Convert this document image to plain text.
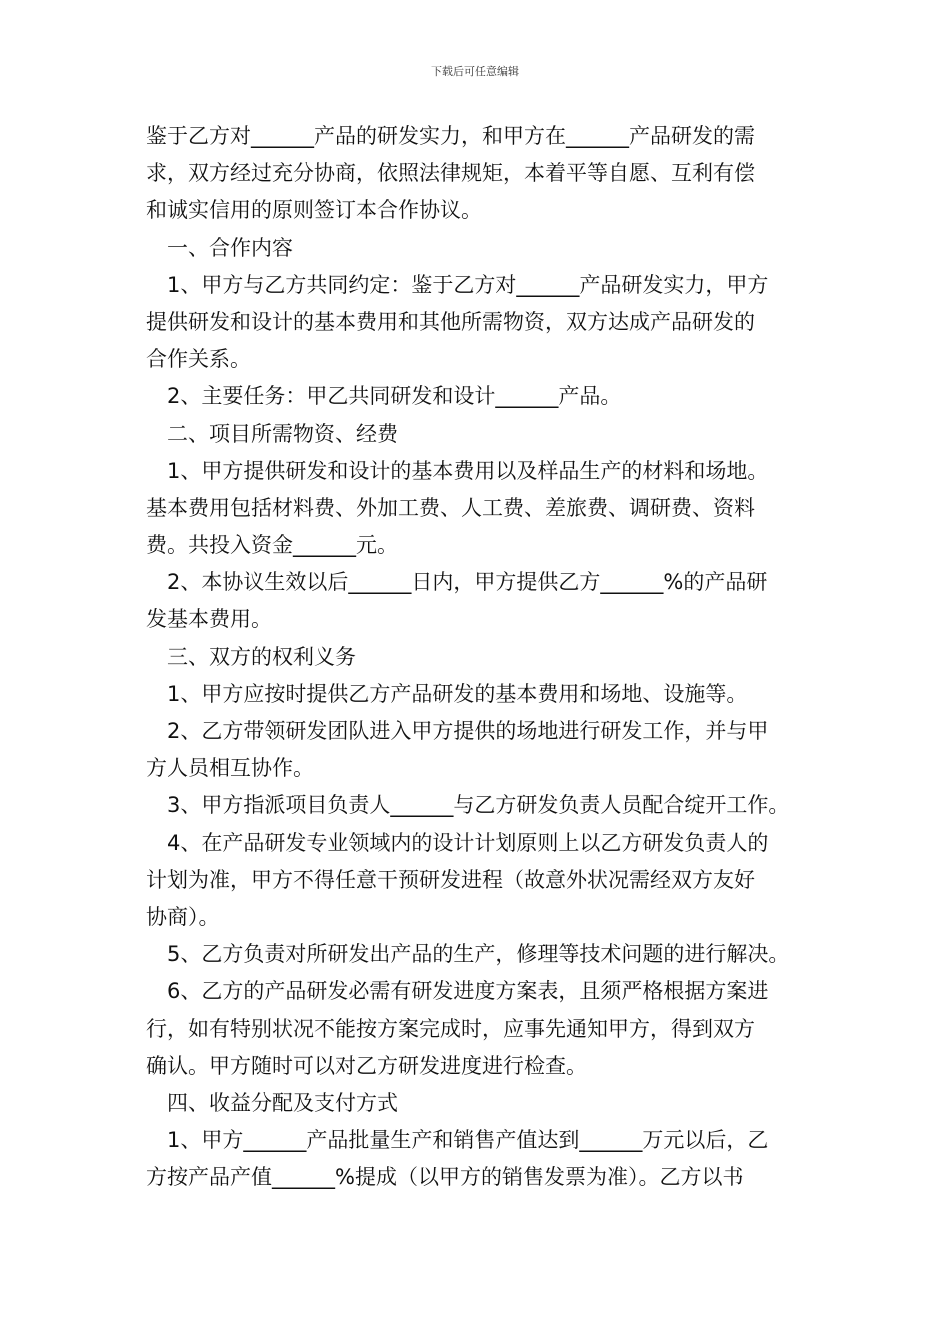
下载后可任意编辑
鉴于乙方对______产品的研发实力，和甲方在______产品研发的需
求，双方经过充分协商，依照法律规矩，本着平等自愿、互利有偿
和诚实信用的原则签订本合作协议。
一、合作内容
1、甲方与乙方共同约定：鉴于乙方对______产品研发实力，甲方
提供研发和设计的基本费用和其他所需物资，双方达成产品研发的
合作关系。
2、主要任务：甲乙共同研发和设计______产品。
二、项目所需物资、经费
1、甲方提供研发和设计的基本费用以及样品生产的材料和场地。
基本费用包括材料费、外加工费、人工费、差旅费、调研费、资料
费。共投入资金______元。
2、本协议生效以后______日内，甲方提供乙方______%的产品研
发基本费用。
三、双方的权利义务
1、甲方应按时提供乙方产品研发的基本费用和场地、设施等。
2、乙方带领研发团队进入甲方提供的场地进行研发工作，并与甲
方人员相互协作。
3、甲方指派项目负责人______与乙方研发负责人员配合绽开工作。
4、在产品研发专业领域内的设计计划原则上以乙方研发负责人的
计划为准，甲方不得任意干预研发进程（故意外状况需经双方友好
协商）。
5、乙方负责对所研发出产品的生产，修理等技术问题的进行解决。
6、乙方的产品研发必需有研发进度方案表，且须严格根据方案进
行，如有特别状况不能按方案完成时，应事先通知甲方，得到双方
确认。甲方随时可以对乙方研发进度进行检查。
四、收益分配及支付方式
1、甲方______产品批量生产和销售产值达到______万元以后，乙
方按产品产值______%提成（以甲方的销售发票为准）。乙方以书
